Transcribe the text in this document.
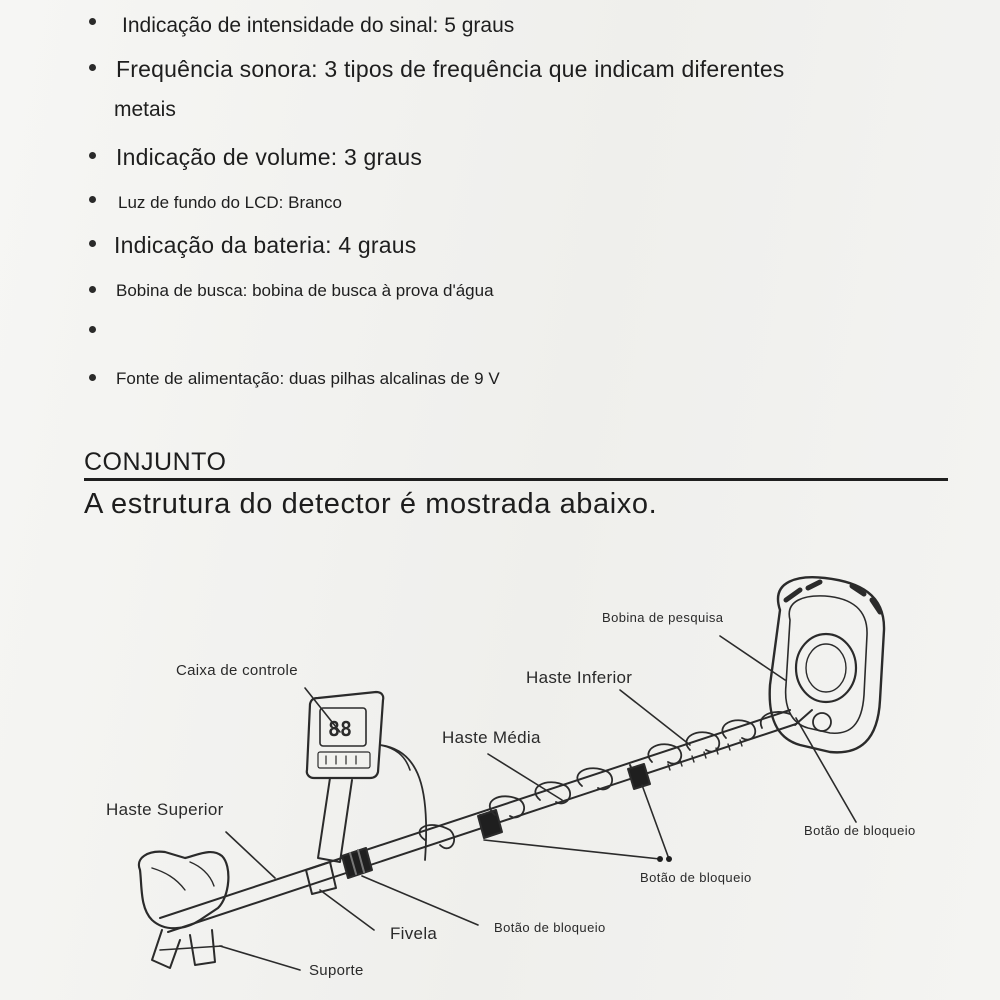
Indicação de intensidade do sinal: 5 graus
Frequência sonora: 3 tipos de frequência que indicam diferentes
metais
Indicação de volume: 3 graus
Luz de fundo do LCD: Branco
Indicação da bateria: 4 graus
Bobina de busca: bobina de busca à prova d'água
Fonte de alimentação: duas pilhas alcalinas de 9 V
CONJUNTO
A estrutura do detector é mostrada abaixo.
88
Bobina de pesquisa
Caixa de controle	Haste Inferior
Haste Média
Haste Superior
Botão de bloqueio
Botão de bloqueio
Botão de bloqueio
Fivela
Suporte
